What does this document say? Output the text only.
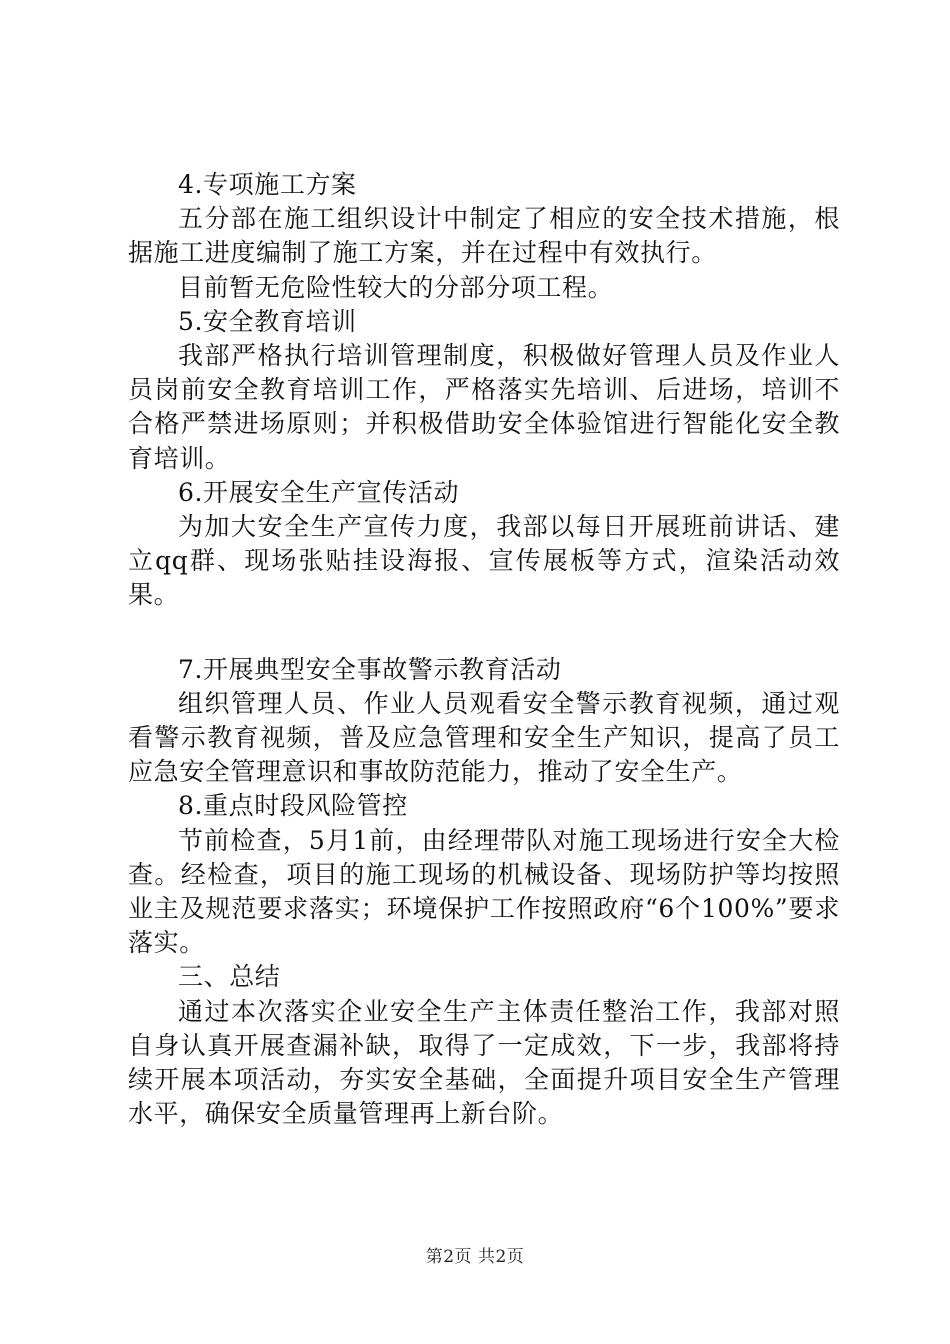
4.专项施工方案

五分部在施工组织设计中制定了相应的安全技术措施，根据施工进度编制了施工方案，并在过程中有效执行。

目前暂无危险性较大的分部分项工程。

5.安全教育培训

我部严格执行培训管理制度，积极做好管理人员及作业人员岗前安全教育培训工作，严格落实先培训、后进场，培训不合格严禁进场原则；并积极借助安全体验馆进行智能化安全教育培训。

6.开展安全生产宣传活动

为加大安全生产宣传力度，我部以每日开展班前讲话、建立qq群、现场张贴挂设海报、宣传展板等方式，渲染活动效果。

7.开展典型安全事故警示教育活动

组织管理人员、作业人员观看安全警示教育视频，通过观看警示教育视频，普及应急管理和安全生产知识，提高了员工应急安全管理意识和事故防范能力，推动了安全生产。

8.重点时段风险管控

节前检查，5月1前，由经理带队对施工现场进行安全大检查。经检查，项目的施工现场的机械设备、现场防护等均按照业主及规范要求落实；环境保护工作按照政府“6个100%”要求落实。

三、总结

通过本次落实企业安全生产主体责任整治工作，我部对照自身认真开展查漏补缺，取得了一定成效，下一步，我部将持续开展本项活动，夯实安全基础，全面提升项目安全生产管理水平，确保安全质量管理再上新台阶。

第2页 共2页
